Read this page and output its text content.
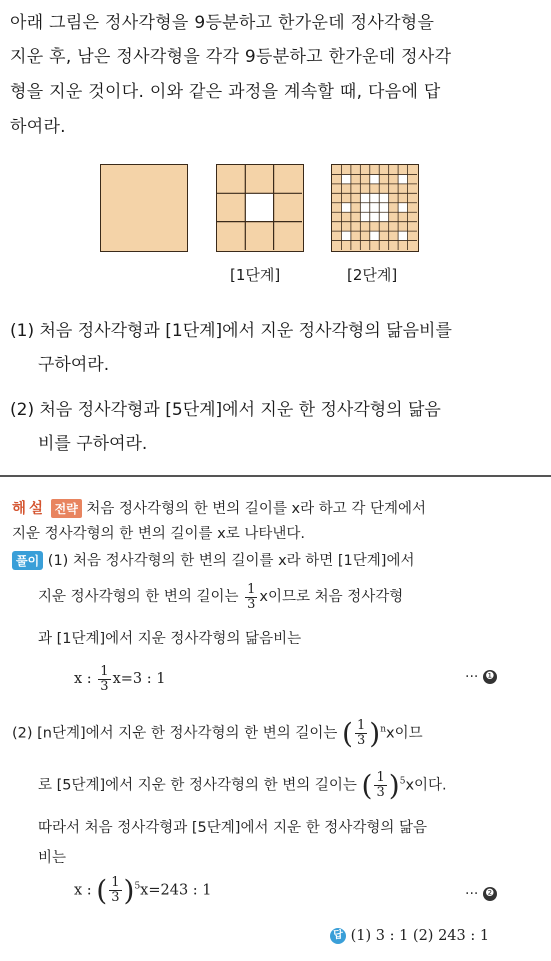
아래 그림은 정사각형을 9등분하고 한가운데 정사각형을
지운 후, 남은 정사각형을 각각 9등분하고 한가운데 정사각
형을 지운 것이다. 이와 같은 과정을 계속할 때, 다음에 답
하여라.
[1단계]	[2단계]
(1) 처음 정사각형과 [1단계]에서 지운 정사각형의 닮음비를
구하여라.
(2) 처음 정사각형과 [5단계]에서 지운 한 정사각형의 닮음
비를 구하여라.
해설 전략 처음 정사각형의 한 변의 길이를 x라 하고 각 단계에서
지운 정사각형의 한 변의 길이를 x로 나타낸다.
풀이 (1) 처음 정사각형의 한 변의 길이를 x라 하면 [1단계]에서
지운 정사각형의 한 변의 길이는 $\frac{1}{3}$ x이므로 처음 정사각형
과 [1단계]에서 지운 정사각형의 닮음비는
x : $\frac{1}{3} x=3$ : 1	··· ❶
(2) [n단계]에서 지운 한 정사각형의 한 변의 길이는 ( $\frac{1}{3} )^nx$이므
로 [5단계]에서 지운 한 정사각형의 한 변의 길이는 ( $\frac{1}{3} )^5x$이다.
따라서 처음 정사각형과 [5단계]에서 지운 한 정사각형의 닮음
비는
x : ( $\frac{1}{3} )^5x=243$ : 1	··· ❷
답 (1) 3 : 1 (2) 243 : 1
